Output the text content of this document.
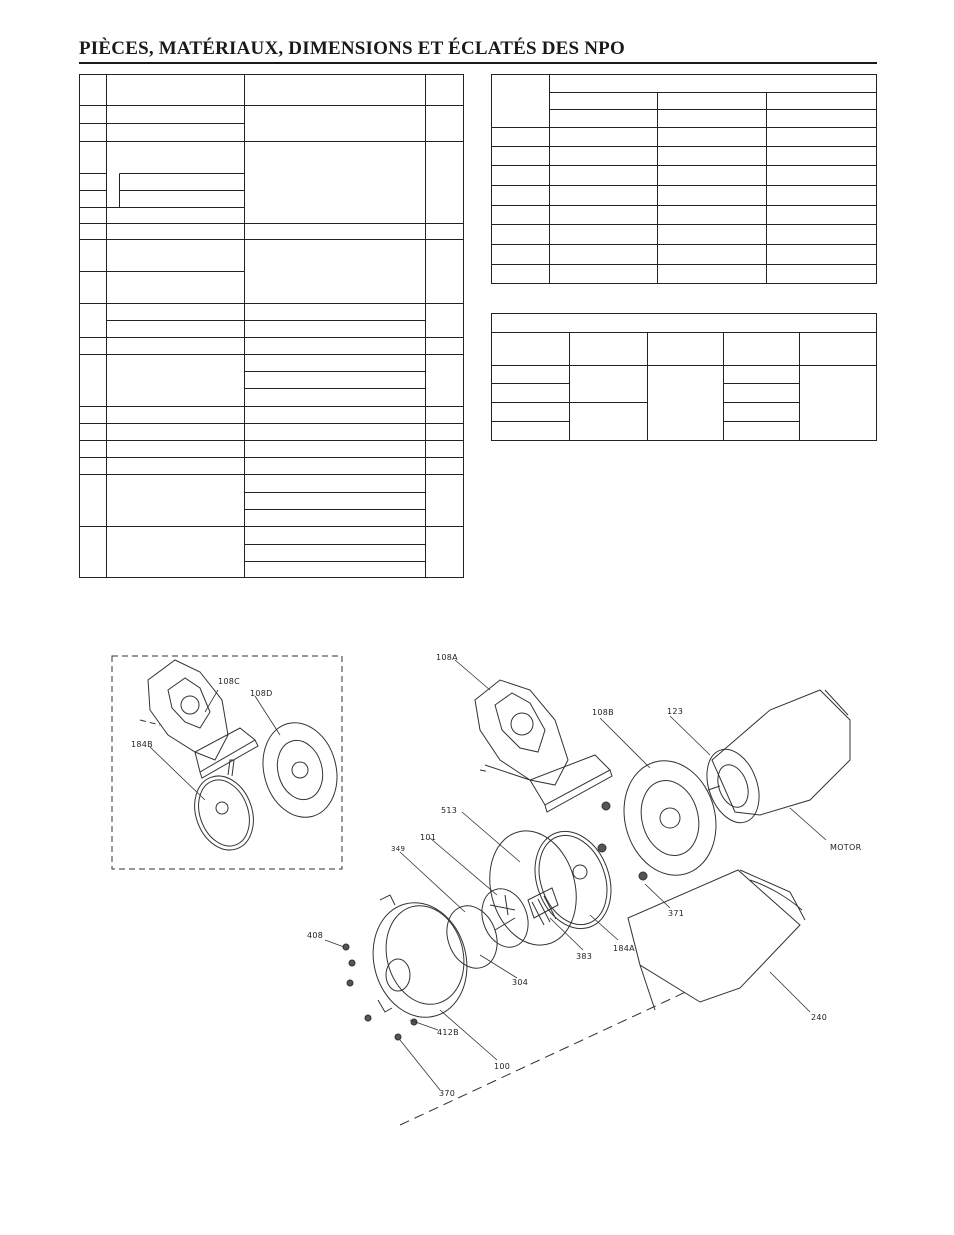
PIÈCES, MATÉRIAUX, DIMENSIONS ET ÉCLATÉS DES NPO
108C
108D
184B
108A
108B	123
MOTOR
513
101
349
371
408
383
184A
304
240
412B
100
370
